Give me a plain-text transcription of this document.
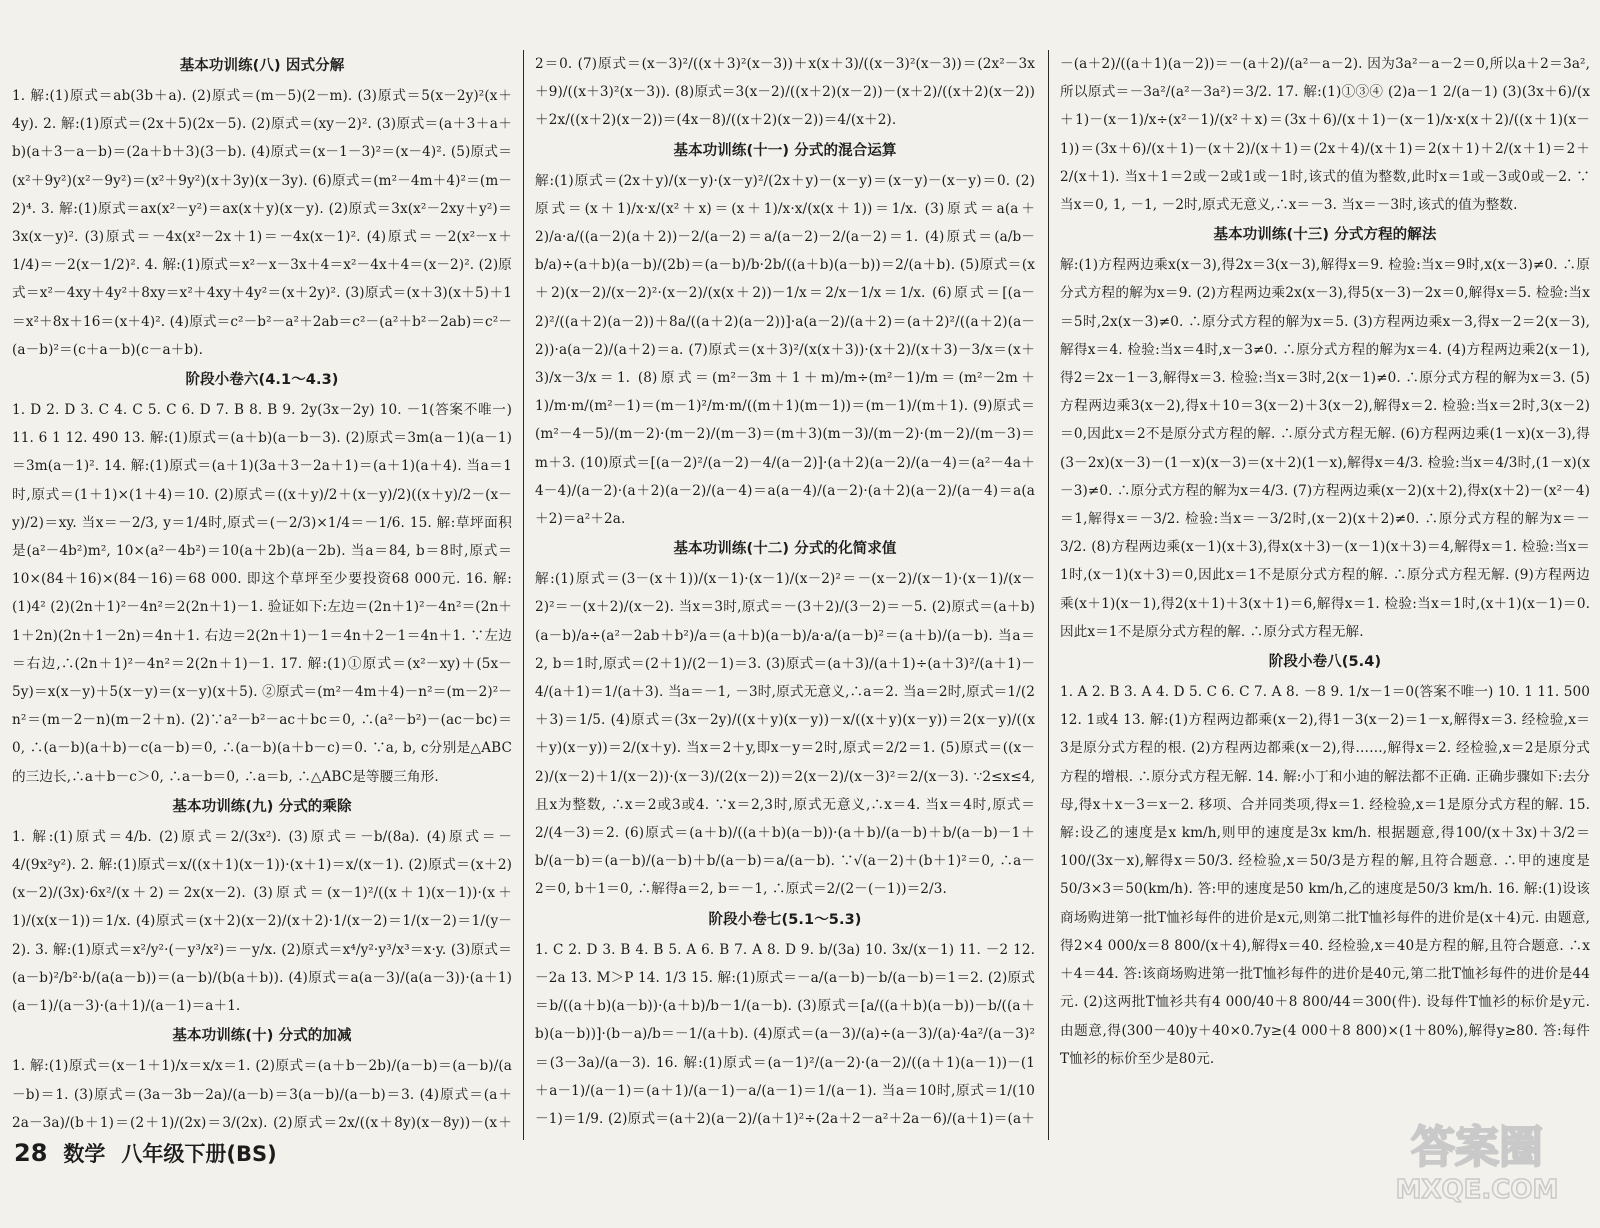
基本功训练(八) 因式分解

1. 解:(1)原式＝ab(3b＋a). (2)原式＝(m－5)(2－m). (3)原式＝5(x－2y)²(x＋4y). 2. 解:(1)原式＝(2x＋5)(2x－5). (2)原式＝(xy－2)². (3)原式＝(a＋3＋a＋b)(a＋3－a－b)＝(2a＋b＋3)(3－b). (4)原式＝(x－1－3)²＝(x－4)². (5)原式＝(x²＋9y²)(x²－9y²)＝(x²＋9y²)(x＋3y)(x－3y). (6)原式＝(m²－4m＋4)²＝(m－2)⁴. 3. 解:(1)原式＝ax(x²－y²)＝ax(x＋y)(x－y). (2)原式＝3x(x²－2xy＋y²)＝3x(x－y)². (3)原式＝－4x(x²－2x＋1)＝－4x(x－1)². (4)原式＝－2(x²－x＋1/4)＝－2(x－1/2)². 4. 解:(1)原式＝x²－x－3x＋4＝x²－4x＋4＝(x－2)². (2)原式＝x²－4xy＋4y²＋8xy＝x²＋4xy＋4y²＝(x＋2y)². (3)原式＝(x＋3)(x＋5)＋1＝x²＋8x＋16＝(x＋4)². (4)原式＝c²－b²－a²＋2ab＝c²－(a²＋b²－2ab)＝c²－(a－b)²＝(c＋a－b)(c－a＋b).

阶段小卷六(4.1～4.3)

1. D 2. D 3. C 4. C 5. C 6. D 7. B 8. B 9. 2y(3x－2y) 10. －1(答案不唯一) 11. 6 1 12. 490 13. 解:(1)原式＝(a＋b)(a－b－3). (2)原式＝3m(a－1)(a－1)＝3m(a－1)². 14. 解:(1)原式＝(a＋1)(3a＋3－2a＋1)＝(a＋1)(a＋4). 当a＝1时,原式＝(1＋1)×(1＋4)＝10. (2)原式＝((x＋y)/2＋(x－y)/2)((x＋y)/2－(x－y)/2)＝xy. 当x＝－2/3, y＝1/4时,原式＝(－2/3)×1/4＝－1/6. 15. 解:草坪面积是(a²－4b²)m², 10×(a²－4b²)＝10(a＋2b)(a－2b). 当a＝84, b＝8时,原式＝10×(84＋16)×(84－16)＝68 000. 即这个草坪至少要投资68 000元. 16. 解:(1)4² (2)(2n＋1)²－4n²＝2(2n＋1)－1. 验证如下:左边＝(2n＋1)²－4n²＝(2n＋1＋2n)(2n＋1－2n)＝4n＋1. 右边＝2(2n＋1)－1＝4n＋2－1＝4n＋1. ∵左边＝右边,∴(2n＋1)²－4n²＝2(2n＋1)－1. 17. 解:(1)①原式＝(x²－xy)＋(5x－5y)＝x(x－y)＋5(x－y)＝(x－y)(x＋5). ②原式＝(m²－4m＋4)－n²＝(m－2)²－n²＝(m－2－n)(m－2＋n). (2)∵a²－b²－ac＋bc＝0, ∴(a²－b²)－(ac－bc)＝0, ∴(a－b)(a＋b)－c(a－b)＝0, ∴(a－b)(a＋b－c)＝0. ∵a, b, c分别是△ABC的三边长,∴a＋b－c＞0, ∴a－b＝0, ∴a＝b, ∴△ABC是等腰三角形.

基本功训练(九) 分式的乘除

1. 解:(1)原式＝4/b. (2)原式＝2/(3x²). (3)原式＝－b/(8a). (4)原式＝－4/(9x²y²). 2. 解:(1)原式＝x/((x＋1)(x－1))·(x＋1)＝x/(x－1). (2)原式＝(x＋2)(x－2)/(3x)·6x²/(x＋2)＝2x(x－2). (3)原式＝(x－1)²/((x＋1)(x－1))·(x＋1)/(x(x－1))＝1/x. (4)原式＝(x＋2)(x－2)/(x＋2)·1/(x－2)＝1/(x－2)＝1/(y－2). 3. 解:(1)原式＝x²/y²·(－y³/x²)＝－y/x. (2)原式＝x⁴/y²·y³/x³＝x·y. (3)原式＝(a－b)²/b²·b/(a(a－b))＝(a－b)/(b(a＋b)). (4)原式＝a(a－3)/(a(a－3))·(a＋1)(a－1)/(a－3)·(a＋1)/(a－1)＝a＋1.

基本功训练(十) 分式的加减

1. 解:(1)原式＝(x－1＋1)/x＝x/x＝1. (2)原式＝(a＋b－2b)/(a－b)＝(a－b)/(a－b)＝1. (3)原式＝(3a－3b－2a)/(a－b)＝3(a－b)/(a－b)＝3. (4)原式＝(a＋2a－3a)/(b＋1)＝(2＋1)/(2x)＝3/(2x). (2)原式＝2x/((x＋8y)(x－8y))－(x＋

2＝0. (7)原式＝(x－3)²/((x＋3)²(x－3))＋x(x＋3)/((x－3)²(x－3))＝(2x²－3x＋9)/((x＋3)²(x－3)). (8)原式＝3(x－2)/((x＋2)(x－2))－(x＋2)/((x＋2)(x－2))＋2x/((x＋2)(x－2))＝(4x－8)/((x＋2)(x－2))＝4/(x＋2).

基本功训练(十一) 分式的混合运算

解:(1)原式＝(2x＋y)/(x－y)·(x－y)²/(2x＋y)－(x－y)＝(x－y)－(x－y)＝0. (2)原式＝(x＋1)/x·x/(x²＋x)＝(x＋1)/x·x/(x(x＋1))＝1/x. (3)原式＝a(a＋2)/a·a/((a－2)(a＋2))－2/(a－2)＝a/(a－2)－2/(a－2)＝1. (4)原式＝(a/b－b/a)÷(a＋b)(a－b)/(2b)＝(a－b)/b·2b/((a＋b)(a－b))＝2/(a＋b). (5)原式＝(x＋2)(x－2)/(x－2)²·(x－2)/(x(x＋2))－1/x＝2/x－1/x＝1/x. (6)原式＝[(a－2)²/((a＋2)(a－2))＋8a/((a＋2)(a－2))]·a(a－2)/(a＋2)＝(a＋2)²/((a＋2)(a－2))·a(a－2)/(a＋2)＝a. (7)原式＝(x＋3)²/(x(x＋3))·(x＋2)/(x＋3)－3/x＝(x＋3)/x－3/x＝1. (8)原式＝(m²－3m＋1＋m)/m÷(m²－1)/m＝(m²－2m＋1)/m·m/(m²－1)＝(m－1)²/m·m/((m＋1)(m－1))＝(m－1)/(m＋1). (9)原式＝(m²－4－5)/(m－2)·(m－2)/(m－3)＝(m＋3)(m－3)/(m－2)·(m－2)/(m－3)＝m＋3. (10)原式＝[(a－2)²/(a－2)－4/(a－2)]·(a＋2)(a－2)/(a－4)＝(a²－4a＋4－4)/(a－2)·(a＋2)(a－2)/(a－4)＝a(a－4)/(a－2)·(a＋2)(a－2)/(a－4)＝a(a＋2)＝a²＋2a.

基本功训练(十二) 分式的化简求值

解:(1)原式＝(3－(x＋1))/(x－1)·(x－1)/(x－2)²＝－(x－2)/(x－1)·(x－1)/(x－2)²＝－(x＋2)/(x－2). 当x＝3时,原式＝－(3＋2)/(3－2)＝－5. (2)原式＝(a＋b)(a－b)/a÷(a²－2ab＋b²)/a＝(a＋b)(a－b)/a·a/(a－b)²＝(a＋b)/(a－b). 当a＝2, b＝1时,原式＝(2＋1)/(2－1)＝3. (3)原式＝(a＋3)/(a＋1)÷(a＋3)²/(a＋1)－4/(a＋1)＝1/(a＋3). 当a＝－1, －3时,原式无意义,∴a＝2. 当a＝2时,原式＝1/(2＋3)＝1/5. (4)原式＝(3x－2y)/((x＋y)(x－y))－x/((x＋y)(x－y))＝2(x－y)/((x＋y)(x－y))＝2/(x＋y). 当x＝2＋y,即x－y＝2时,原式＝2/2＝1. (5)原式＝((x－2)/(x－2)＋1/(x－2))·(x－3)/(2(x－2))＝2(x－2)/(x－3)²＝2/(x－3). ∵2≤x≤4,且x为整数, ∴x＝2或3或4. ∵x＝2,3时,原式无意义,∴x＝4. 当x＝4时,原式＝2/(4－3)＝2. (6)原式＝(a＋b)/((a＋b)(a－b))·(a＋b)/(a－b)＋b/(a－b)－1＋b/(a－b)＝(a－b)/(a－b)＋b/(a－b)＝a/(a－b). ∵√(a－2)＋(b＋1)²＝0, ∴a－2＝0, b＋1＝0, ∴解得a＝2, b＝－1, ∴原式＝2/(2－(－1))＝2/3.

阶段小卷七(5.1～5.3)

1. C 2. D 3. B 4. B 5. A 6. B 7. A 8. D 9. b/(3a) 10. 3x/(x－1) 11. －2 12. －2a 13. M＞P 14. 1/3 15. 解:(1)原式＝－a/(a－b)－b/(a－b)＝1＝2. (2)原式＝b/((a＋b)(a－b))·(a＋b)/b－1/(a－b). (3)原式＝[a/((a＋b)(a－b))－b/((a＋b)(a－b))]·(b－a)/b＝－1/(a＋b). (4)原式＝(a－3)/(a)÷(a－3)/(a)·4a²/(a－3)²＝(3－3a)/(a－3). 16. 解:(1)原式＝(a－1)²/(a－2)·(a－2)/((a＋1)(a－1))－(1＋a－1)/(a－1)＝(a＋1)/(a－1)－a/(a－1)＝1/(a－1). 当a＝10时,原式＝1/(10－1)＝1/9. (2)原式＝(a＋2)(a－2)/(a＋1)²÷(2a＋2－a²＋2a－6)/(a＋1)＝(a＋

－(a＋2)/((a＋1)(a－2))＝－(a＋2)/(a²－a－2). 因为3a²－a－2＝0,所以a＋2＝3a²,所以原式＝－3a²/(a²－3a²)＝3/2. 17. 解:(1)①③④ (2)a－1 2/(a－1) (3)(3x＋6)/(x＋1)－(x－1)/x÷(x²－1)/(x²＋x)＝(3x＋6)/(x＋1)－(x－1)/x·x(x＋2)/((x＋1)(x－1))＝(3x＋6)/(x＋1)－(x＋2)/(x＋1)＝(2x＋4)/(x＋1)＝2(x＋1)＋2/(x＋1)＝2＋2/(x＋1). 当x＋1＝2或－2或1或－1时,该式的值为整数,此时x＝1或－3或0或－2. ∵当x＝0, 1, －1, －2时,原式无意义,∴x＝－3. 当x＝－3时,该式的值为整数.

基本功训练(十三) 分式方程的解法

解:(1)方程两边乘x(x－3),得2x＝3(x－3),解得x＝9. 检验:当x＝9时,x(x－3)≠0. ∴原分式方程的解为x＝9. (2)方程两边乘2x(x－3),得5(x－3)－2x＝0,解得x＝5. 检验:当x＝5时,2x(x－3)≠0. ∴原分式方程的解为x＝5. (3)方程两边乘x－3,得x－2＝2(x－3),解得x＝4. 检验:当x＝4时,x－3≠0. ∴原分式方程的解为x＝4. (4)方程两边乘2(x－1),得2＝2x－1－3,解得x＝3. 检验:当x＝3时,2(x－1)≠0. ∴原分式方程的解为x＝3. (5)方程两边乘3(x－2),得x＋10＝3(x－2)＋3(x－2),解得x＝2. 检验:当x＝2时,3(x－2)＝0,因此x＝2不是原分式方程的解. ∴原分式方程无解. (6)方程两边乘(1－x)(x－3),得(3－2x)(x－3)－(1－x)(x－3)＝(x＋2)(1－x),解得x＝4/3. 检验:当x＝4/3时,(1－x)(x－3)≠0. ∴原分式方程的解为x＝4/3. (7)方程两边乘(x－2)(x＋2),得x(x＋2)－(x²－4)＝1,解得x＝－3/2. 检验:当x＝－3/2时,(x－2)(x＋2)≠0. ∴原分式方程的解为x＝－3/2. (8)方程两边乘(x－1)(x＋3),得x(x＋3)－(x－1)(x＋3)＝4,解得x＝1. 检验:当x＝1时,(x－1)(x＋3)＝0,因此x＝1不是原分式方程的解. ∴原分式方程无解. (9)方程两边乘(x＋1)(x－1),得2(x＋1)＋3(x＋1)＝6,解得x＝1. 检验:当x＝1时,(x＋1)(x－1)＝0. 因此x＝1不是原分式方程的解. ∴原分式方程无解.

阶段小卷八(5.4)

1. A 2. B 3. A 4. D 5. C 6. C 7. A 8. －8 9. 1/x－1＝0(答案不唯一) 10. 1 11. 500 12. 1或4 13. 解:(1)方程两边都乘(x－2),得1－3(x－2)＝1－x,解得x＝3. 经检验,x＝3是原分式方程的根. (2)方程两边都乘(x－2),得……,解得x＝2. 经检验,x＝2是原分式方程的增根. ∴原分式方程无解. 14. 解:小丁和小迪的解法都不正确. 正确步骤如下:去分母,得x＋x－3＝x－2. 移项、合并同类项,得x＝1. 经检验,x＝1是原分式方程的解. 15. 解:设乙的速度是x km/h,则甲的速度是3x km/h. 根据题意,得100/(x＋3x)＋3/2＝100/(3x－x),解得x＝50/3. 经检验,x＝50/3是方程的解,且符合题意. ∴甲的速度是50/3×3＝50(km/h). 答:甲的速度是50 km/h,乙的速度是50/3 km/h. 16. 解:(1)设该商场购进第一批T恤衫每件的进价是x元,则第二批T恤衫每件的进价是(x＋4)元. 由题意,得2×4 000/x＝8 800/(x＋4),解得x＝40. 经检验,x＝40是方程的解,且符合题意. ∴x＋4＝44. 答:该商场购进第一批T恤衫每件的进价是40元,第二批T恤衫每件的进价是44元. (2)这两批T恤衫共有4 000/40＋8 800/44＝300(件). 设每件T恤衫的标价是y元. 由题意,得(300－40)y＋40×0.7y≥(4 000＋8 800)×(1＋80%),解得y≥80. 答:每件T恤衫的标价至少是80元.

28 数学 八年级下册(BS)	答案圈
MXQE.COM
